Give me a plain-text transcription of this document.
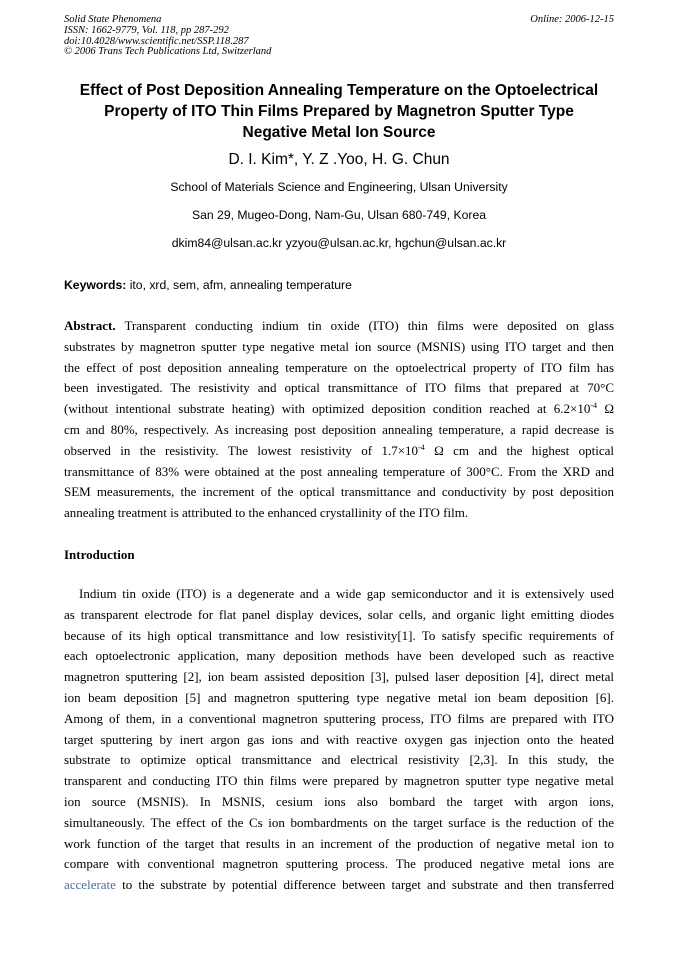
Solid State Phenomena
ISSN: 1662-9779, Vol. 118, pp 287-292
doi:10.4028/www.scientific.net/SSP.118.287
© 2006 Trans Tech Publications Ltd, Switzerland
Online: 2006-12-15
Effect of Post Deposition Annealing Temperature on the Optoelectrical
Property of ITO Thin Films Prepared by Magnetron Sputter Type
Negative Metal Ion Source
D. I. Kim*, Y. Z .Yoo, H. G. Chun
School of Materials Science and Engineering, Ulsan University
San 29, Mugeo-Dong, Nam-Gu, Ulsan 680-749, Korea
dkim84@ulsan.ac.kr yzyou@ulsan.ac.kr, hgchun@ulsan.ac.kr
Keywords: ito, xrd, sem, afm, annealing temperature
Abstract. Transparent conducting indium tin oxide (ITO) thin films were deposited on glass
substrates by magnetron sputter type negative metal ion source (MSNIS) using ITO target and then
the effect of post deposition annealing temperature on the optoelectrical property of ITO film has
been investigated. The resistivity and optical transmittance of ITO films that prepared at 70°C
(without intentional substrate heating) with optimized deposition condition reached at $6.2\times 10^{-4}$ Ω
cm and 80%, respectively. As increasing post deposition annealing temperature, a rapid decrease is
observed in the resistivity. The lowest resistivity of $1.7\times 10^{-4}$ Ω cm and the highest optical
transmittance of 83% were obtained at the post annealing temperature of 300°C. From the XRD and
SEM measurements, the increment of the optical transmittance and conductivity by post deposition
annealing treatment is attributed to the enhanced crystallinity of the ITO film.
Introduction
Indium tin oxide (ITO) is a degenerate and a wide gap semiconductor and it is extensively used
as transparent electrode for flat panel display devices, solar cells, and organic light emitting diodes
because of its high optical transmittance and low resistivity[1]. To satisfy specific requirements of
each optoelectronic application, many deposition methods have been developed such as reactive
magnetron sputtering [2], ion beam assisted deposition [3], pulsed laser deposition [4], direct metal
ion beam deposition [5] and magnetron sputtering type negative metal ion beam deposition [6].
Among of them, in a conventional magnetron sputtering process, ITO films are prepared with ITO
target sputtering by inert argon gas ions and with reactive oxygen gas injection onto the heated
substrate to optimize optical transmittance and electrical resistivity [2,3]. In this study, the
transparent and conducting ITO thin films were prepared by magnetron sputter type negative metal
ion source (MSNIS). In MSNIS, cesium ions also bombard the target with argon ions,
simultaneously. The effect of the Cs ion bombardments on the target surface is the reduction of the
work function of the target that results in an increment of the production of negative metal ion to
compare with conventional magnetron sputtering process. The produced negative metal ions are
accelerate to the substrate by potential difference between target and substrate and then transferred
